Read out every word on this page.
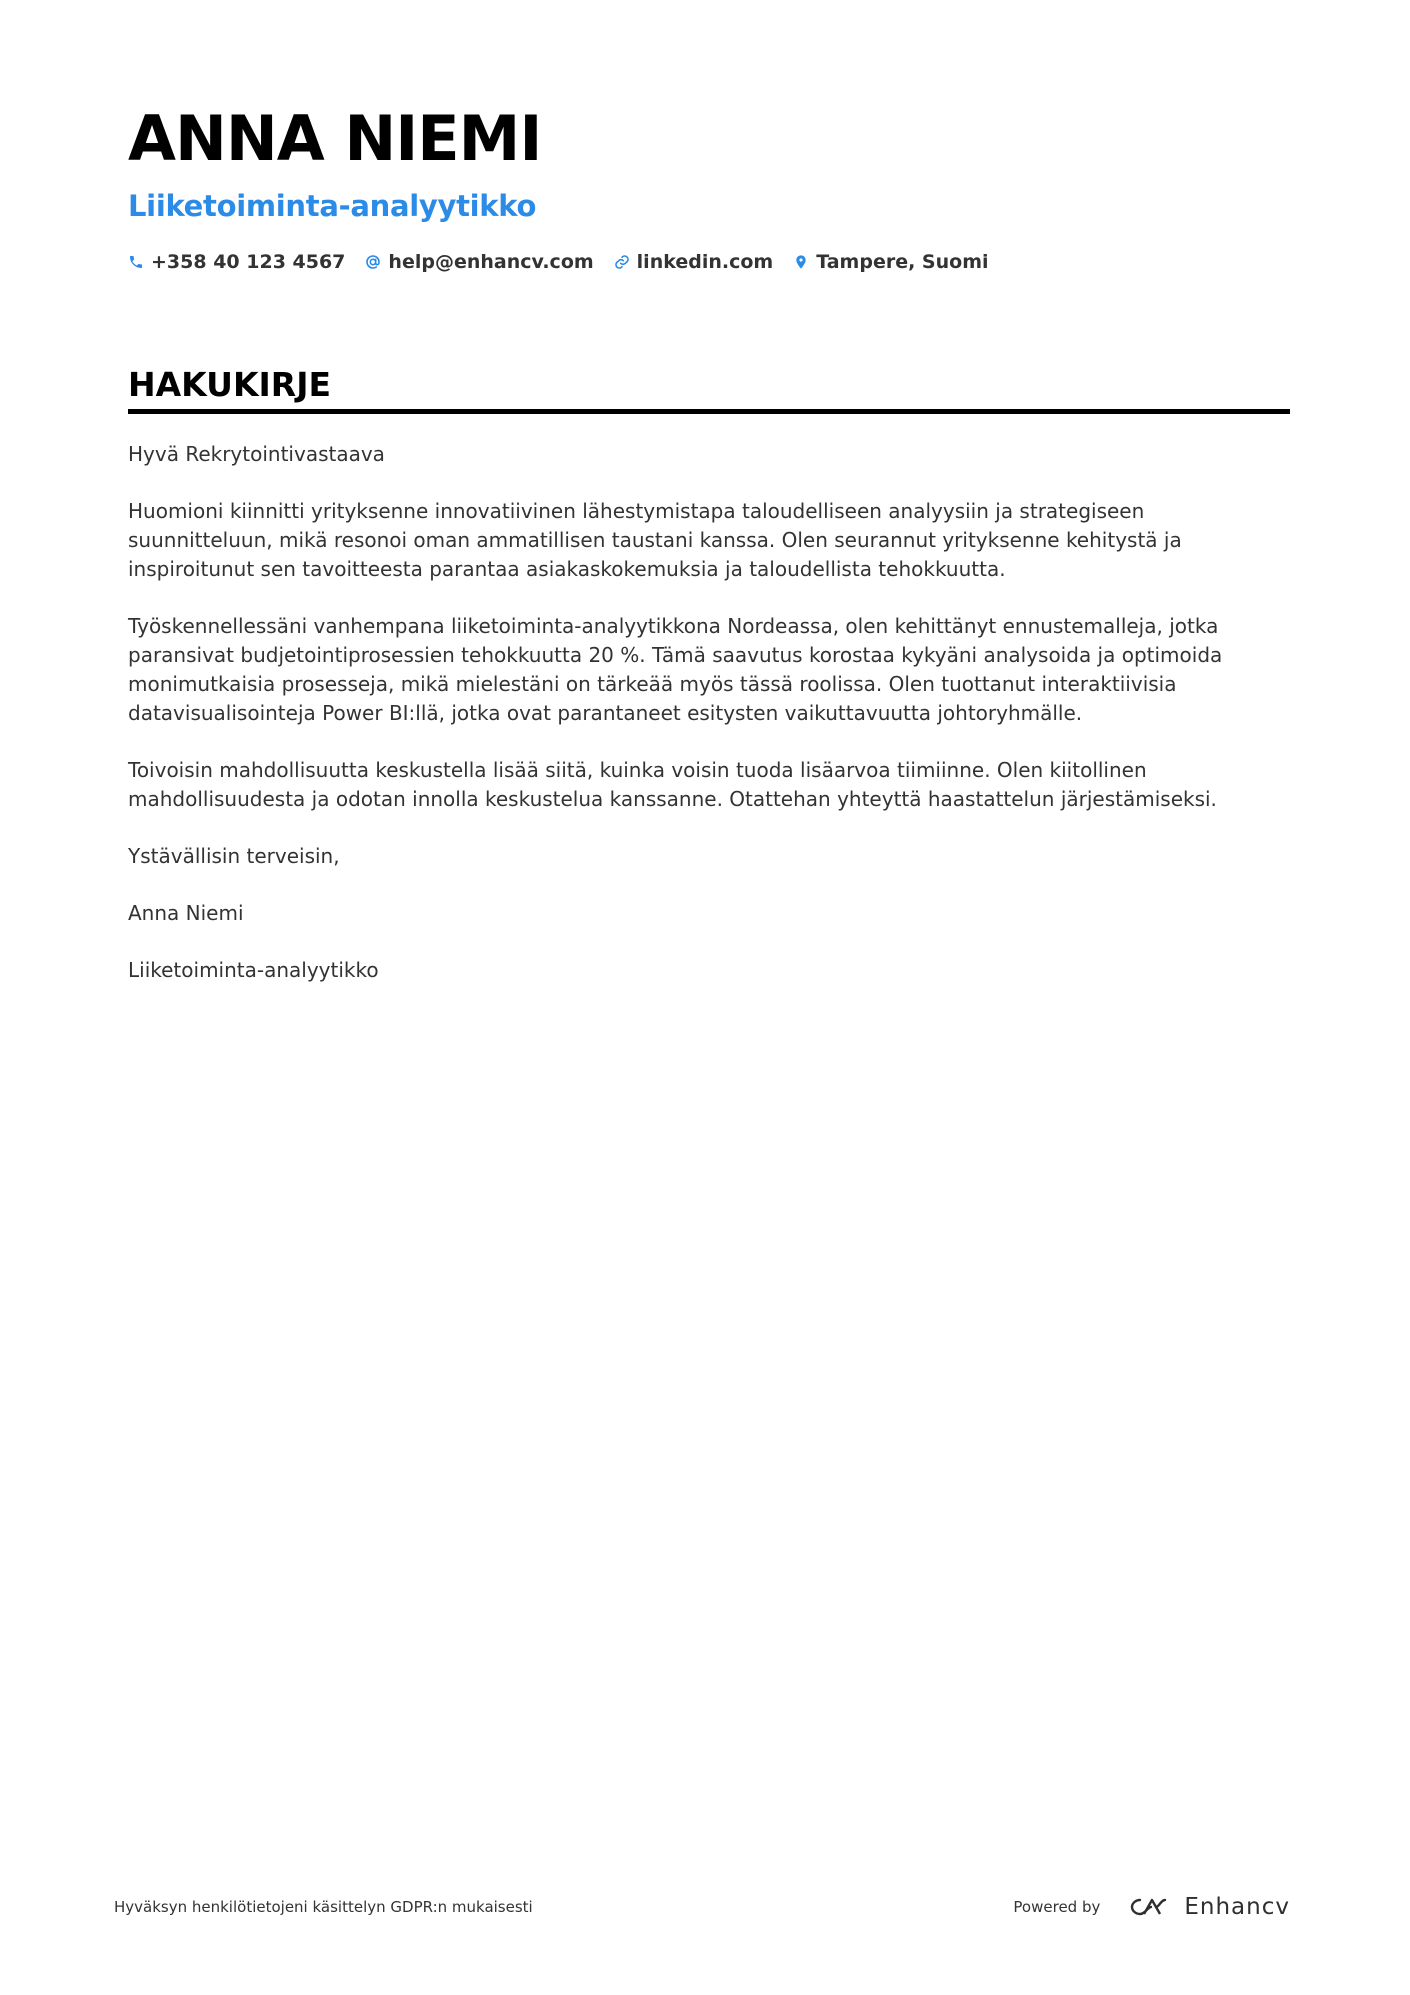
ANNA NIEMI
Liiketoiminta-analyytikko
+358 40 123 4567 help@enhancv.com linkedin.com Tampere, Suomi
HAKUKIRJE

Hyvä Rekrytointivastaava

Huomioni kiinnitti yrityksenne innovatiivinen lähestymistapa taloudelliseen analyysiin ja strategiseen suunnitteluun, mikä resonoi oman ammatillisen taustani kanssa. Olen seurannut yrityksenne kehitystä ja inspiroitunut sen tavoitteesta parantaa asiakaskokemuksia ja taloudellista tehokkuutta.

Työskennellessäni vanhempana liiketoiminta-analyytikkona Nordeassa, olen kehittänyt ennustemalleja, jotka paransivat budjetointiprosessien tehokkuutta 20 %. Tämä saavutus korostaa kykyäni analysoida ja optimoida monimutkaisia prosesseja, mikä mielestäni on tärkeää myös tässä roolissa. Olen tuottanut interaktiivisia datavisualisointeja Power BI:llä, jotka ovat parantaneet esitysten vaikuttavuutta johtoryhmälle.

Toivoisin mahdollisuutta keskustella lisää siitä, kuinka voisin tuoda lisäarvoa tiimiinne. Olen kiitollinen mahdollisuudesta ja odotan innolla keskustelua kanssanne. Otattehan yhteyttä haastattelun järjestämiseksi.

Ystävällisin terveisin,

Anna Niemi

Liiketoiminta-analyytikko

Hyväksyn henkilötietojeni käsittelyn GDPR:n mukaisesti	Powered by	Enhancv
